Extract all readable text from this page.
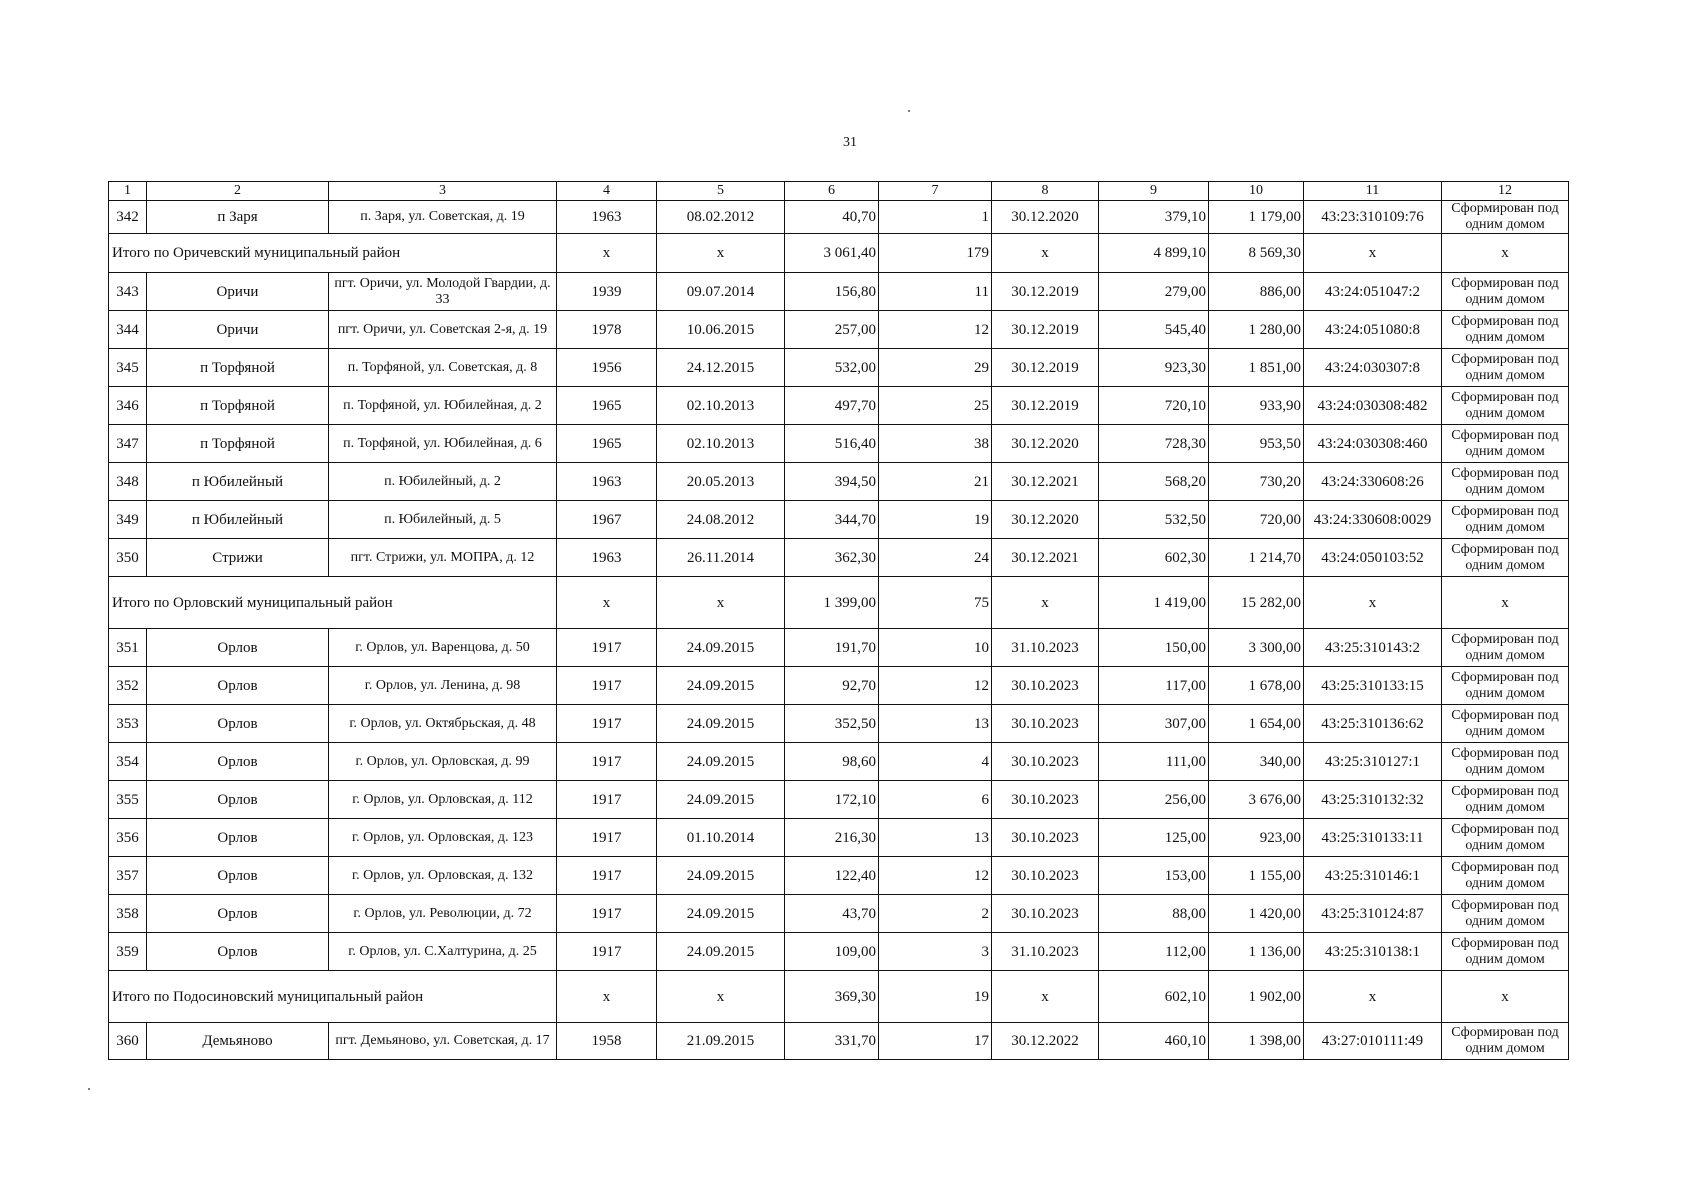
31
1	2	3	4	5	6	7	8	9	10	11	12
342	п Заря	п. Заря, ул. Советская, д. 19	1963	08.02.2012	40,70	1	30.12.2020	379,10	1 179,00	43:23:310109:76	Сформирован под одним домом
Итого по Оричевский муниципальный район			х	х	3 061,40	179	х	4 899,10	8 569,30	х	х
343	Оричи	пгт. Оричи, ул. Молодой Гвардии, д. 33	1939	09.07.2014	156,80	11	30.12.2019	279,00	886,00	43:24:051047:2	Сформирован под одним домом
344	Оричи	пгт. Оричи, ул. Советская 2-я, д. 19	1978	10.06.2015	257,00	12	30.12.2019	545,40	1 280,00	43:24:051080:8	Сформирован под одним домом
345	п Торфяной	п. Торфяной, ул. Советская, д. 8	1956	24.12.2015	532,00	29	30.12.2019	923,30	1 851,00	43:24:030307:8	Сформирован под одним домом
346	п Торфяной	п. Торфяной, ул. Юбилейная, д. 2	1965	02.10.2013	497,70	25	30.12.2019	720,10	933,90	43:24:030308:482	Сформирован под одним домом
347	п Торфяной	п. Торфяной, ул. Юбилейная, д. 6	1965	02.10.2013	516,40	38	30.12.2020	728,30	953,50	43:24:030308:460	Сформирован под одним домом
348	п Юбилейный	п. Юбилейный, д. 2	1963	20.05.2013	394,50	21	30.12.2021	568,20	730,20	43:24:330608:26	Сформирован под одним домом
349	п Юбилейный	п. Юбилейный, д. 5	1967	24.08.2012	344,70	19	30.12.2020	532,50	720,00	43:24:330608:0029	Сформирован под одним домом
350	Стрижи	пгт. Стрижи, ул. МОПРА, д. 12	1963	26.11.2014	362,30	24	30.12.2021	602,30	1 214,70	43:24:050103:52	Сформирован под одним домом
Итого по Орловский муниципальный район			х	х	1 399,00	75	х	1 419,00	15 282,00	х	х
351	Орлов	г. Орлов, ул. Варенцова, д. 50	1917	24.09.2015	191,70	10	31.10.2023	150,00	3 300,00	43:25:310143:2	Сформирован под одним домом
352	Орлов	г. Орлов, ул. Ленина, д. 98	1917	24.09.2015	92,70	12	30.10.2023	117,00	1 678,00	43:25:310133:15	Сформирован под одним домом
353	Орлов	г. Орлов, ул. Октябрьская, д. 48	1917	24.09.2015	352,50	13	30.10.2023	307,00	1 654,00	43:25:310136:62	Сформирован под одним домом
354	Орлов	г. Орлов, ул. Орловская, д. 99	1917	24.09.2015	98,60	4	30.10.2023	111,00	340,00	43:25:310127:1	Сформирован под одним домом
355	Орлов	г. Орлов, ул. Орловская, д. 112	1917	24.09.2015	172,10	6	30.10.2023	256,00	3 676,00	43:25:310132:32	Сформирован под одним домом
356	Орлов	г. Орлов, ул. Орловская, д. 123	1917	01.10.2014	216,30	13	30.10.2023	125,00	923,00	43:25:310133:11	Сформирован под одним домом
357	Орлов	г. Орлов, ул. Орловская, д. 132	1917	24.09.2015	122,40	12	30.10.2023	153,00	1 155,00	43:25:310146:1	Сформирован под одним домом
358	Орлов	г. Орлов, ул. Революции, д. 72	1917	24.09.2015	43,70	2	30.10.2023	88,00	1 420,00	43:25:310124:87	Сформирован под одним домом
359	Орлов	г. Орлов, ул. С.Халтурина, д. 25	1917	24.09.2015	109,00	3	31.10.2023	112,00	1 136,00	43:25:310138:1	Сформирован под одним домом
Итого по Подосиновский муниципальный район			х	х	369,30	19	х	602,10	1 902,00	х	х
360	Демьяново	пгт. Демьяново, ул. Советская, д. 17	1958	21.09.2015	331,70	17	30.12.2022	460,10	1 398,00	43:27:010111:49	Сформирован под одним домом
